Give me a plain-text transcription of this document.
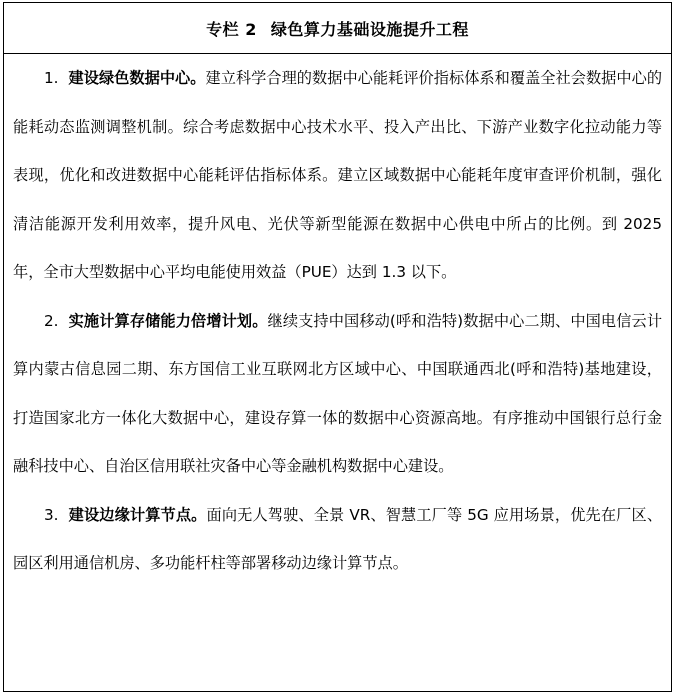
专栏 2 绿色算力基础设施提升工程

1. 建设绿色数据中心。建立科学合理的数据中心能耗评价指标体系和覆盖全社会数据中心的能耗动态监测调整机制。综合考虑数据中心技术水平、投入产出比、下游产业数字化拉动能力等表现，优化和改进数据中心能耗评估指标体系。建立区域数据中心能耗年度审查评价机制，强化清洁能源开发利用效率，提升风电、光伏等新型能源在数据中心供电中所占的比例。到 2025 年，全市大型数据中心平均电能使用效益（PUE）达到 1.3 以下。

2. 实施计算存储能力倍增计划。继续支持中国移动(呼和浩特)数据中心二期、中国电信云计算内蒙古信息园二期、东方国信工业互联网北方区域中心、中国联通西北(呼和浩特)基地建设，打造国家北方一体化大数据中心，建设存算一体的数据中心资源高地。有序推动中国银行总行金融科技中心、自治区信用联社灾备中心等金融机构数据中心建设。

3. 建设边缘计算节点。面向无人驾驶、全景 VR、智慧工厂等 5G 应用场景，优先在厂区、园区利用通信机房、多功能杆柱等部署移动边缘计算节点。
